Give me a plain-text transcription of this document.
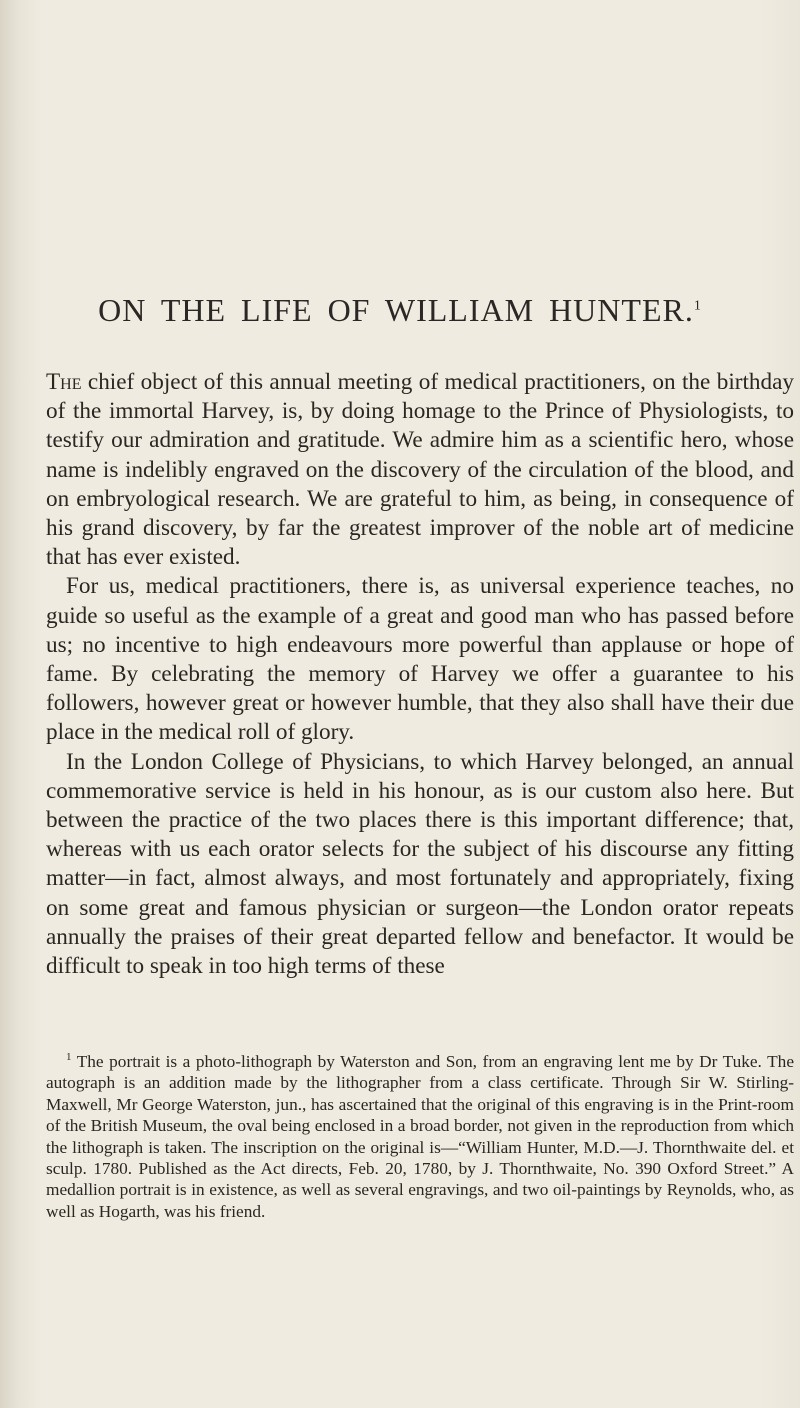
ON THE LIFE OF WILLIAM HUNTER.$^1$

The chief object of this annual meeting of medical practitioners, on the birthday of the immortal Harvey, is, by doing homage to the Prince of Physiologists, to testify our admiration and gratitude. We admire him as a scientific hero, whose name is indelibly engraved on the discovery of the circulation of the blood, and on embryological research. We are grateful to him, as being, in consequence of his grand discovery, by far the greatest improver of the noble art of medicine that has ever existed.

For us, medical practitioners, there is, as universal experience teaches, no guide so useful as the example of a great and good man who has passed before us; no incentive to high endeavours more powerful than applause or hope of fame. By celebrating the memory of Harvey we offer a guarantee to his followers, however great or however humble, that they also shall have their due place in the medical roll of glory.

In the London College of Physicians, to which Harvey belonged, an annual commemorative service is held in his honour, as is our custom also here. But between the practice of the two places there is this important difference; that, whereas with us each orator selects for the subject of his discourse any fitting matter—in fact, almost always, and most fortunately and appropriately, fixing on some great and famous physician or surgeon—the London orator repeats annually the praises of their great departed fellow and benefactor. It would be difficult to speak in too high terms of these

$^1$ The portrait is a photo-lithograph by Waterston and Son, from an engraving lent me by Dr Tuke. The autograph is an addition made by the lithographer from a class certificate. Through Sir W. Stirling-Maxwell, Mr George Waterston, jun., has ascertained that the original of this engraving is in the Print-room of the British Museum, the oval being enclosed in a broad border, not given in the reproduction from which the lithograph is taken. The inscription on the original is—“William Hunter, M.D.—J. Thornthwaite del. et sculp. 1780. Published as the Act directs, Feb. 20, 1780, by J. Thornthwaite, No. 390 Oxford Street.” A medallion portrait is in existence, as well as several engravings, and two oil-paintings by Reynolds, who, as well as Hogarth, was his friend.
